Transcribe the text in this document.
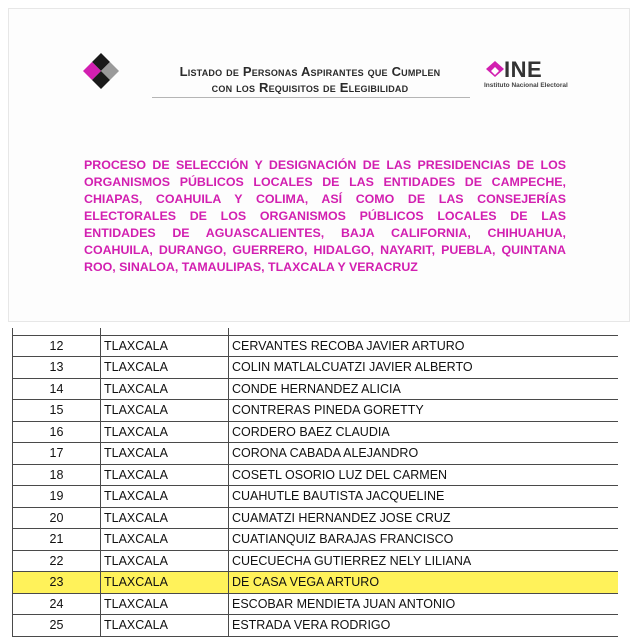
Listado de Personas Aspirantes que Cumplen
con los Requisitos de Elegibilidad
INE
Instituto Nacional Electoral
PROCESO DE SELECCIÓN Y DESIGNACIÓN DE LAS PRESIDENCIAS DE LOS ORGANISMOS PÚBLICOS LOCALES DE LAS ENTIDADES DE CAMPECHE, CHIAPAS, COAHUILA Y COLIMA, ASÍ COMO DE LAS CONSEJERÍAS ELECTORALES DE LOS ORGANISMOS PÚBLICOS LOCALES DE LAS ENTIDADES DE AGUASCALIENTES, BAJA CALIFORNIA, CHIHUAHUA, COAHUILA, DURANGO, GUERRERO, HIDALGO, NAYARIT, PUEBLA, QUINTANA ROO, SINALOA, TAMAULIPAS, TLAXCALA Y VERACRUZ

12	TLAXCALA	CERVANTES RECOBA JAVIER ARTURO
13	TLAXCALA	COLIN MATLALCUATZI JAVIER ALBERTO
14	TLAXCALA	CONDE HERNANDEZ ALICIA
15	TLAXCALA	CONTRERAS PINEDA GORETTY
16	TLAXCALA	CORDERO BAEZ CLAUDIA
17	TLAXCALA	CORONA CABADA ALEJANDRO
18	TLAXCALA	COSETL OSORIO LUZ DEL CARMEN
19	TLAXCALA	CUAHUTLE BAUTISTA JACQUELINE
20	TLAXCALA	CUAMATZI HERNANDEZ JOSE CRUZ
21	TLAXCALA	CUATIANQUIZ BARAJAS FRANCISCO
22	TLAXCALA	CUECUECHA GUTIERREZ NELY LILIANA
23	TLAXCALA	DE CASA VEGA ARTURO
24	TLAXCALA	ESCOBAR MENDIETA JUAN ANTONIO
25	TLAXCALA	ESTRADA VERA RODRIGO
